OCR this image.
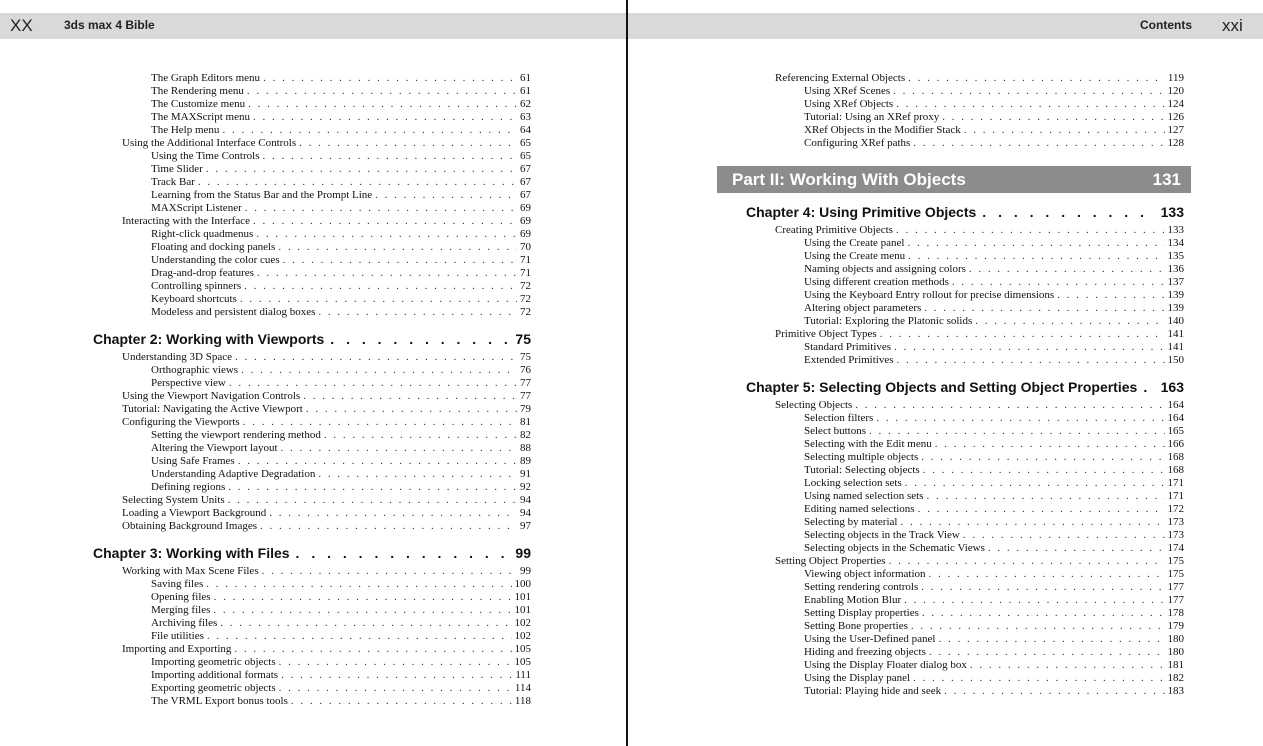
XX	3ds max 4 Bible
The Graph Editors menu . . .	61
The Rendering menu . . .	61
The Customize menu . . .	62
The MAXScript menu . . .	63
The Help menu . . .	64
Using the Additional Interface Controls . . .	65
Using the Time Controls . . .	65
Time Slider . . .	67
Track Bar . . .	67
Learning from the Status Bar and the Prompt Line . . .	67
MAXScript Listener . . .	69
Interacting with the Interface . . .	69
Right-click quadmenus . . .	69
Floating and docking panels . . .	70
Understanding the color cues . . .	71
Drag-and-drop features . . .	71
Controlling spinners . . .	72
Keyboard shortcuts . . .	72
Modeless and persistent dialog boxes . . .	72
Chapter 2: Working with Viewports . . .	75
Understanding 3D Space . . .	75
Orthographic views . . .	76
Perspective view . . .	77
Using the Viewport Navigation Controls . . .	77
Tutorial: Navigating the Active Viewport . . .	79
Configuring the Viewports . . .	81
Setting the viewport rendering method . . .	82
Altering the Viewport layout . . .	88
Using Safe Frames . . .	89
Understanding Adaptive Degradation . . .	91
Defining regions . . .	92
Selecting System Units . . .	94
Loading a Viewport Background . . .	94
Obtaining Background Images . . .	97
Chapter 3: Working with Files . . .	99
Working with Max Scene Files . . .	99
Saving files . . .	100
Opening files . . .	101
Merging files . . .	101
Archiving files . . .	102
File utilities . . .	102
Importing and Exporting . . .	105
Importing geometric objects . . .	105
Importing additional formats . . .	111
Exporting geometric objects . . .	114
The VRML Export bonus tools . . .	118
Contents xxi
Referencing External Objects . . .	119
Using XRef Scenes . . .	120
Using XRef Objects . . .	124
Tutorial: Using an XRef proxy . . .	126
XRef Objects in the Modifier Stack . . .	127
Configuring XRef paths . . .	128
Part II: Working With Objects	131
Chapter 4: Using Primitive Objects . . .	133
Creating Primitive Objects . . .	133
Using the Create panel . . .	134
Using the Create menu . . .	135
Naming objects and assigning colors . . .	136
Using different creation methods . . .	137
Using the Keyboard Entry rollout for precise dimensions . . .	139
Altering object parameters . . .	139
Tutorial: Exploring the Platonic solids . . .	140
Primitive Object Types . . .	141
Standard Primitives . . .	141
Extended Primitives . . .	150
Chapter 5: Selecting Objects and Setting Object Properties . . . 163
Selecting Objects . . .	164
Selection filters . . .	164
Select buttons . . .	165
Selecting with the Edit menu . . .	166
Selecting multiple objects . . .	168
Tutorial: Selecting objects . . .	168
Locking selection sets . . .	171
Using named selection sets . . .	171
Editing named selections . . .	172
Selecting by material . . .	173
Selecting objects in the Track View . . .	173
Selecting objects in the Schematic Views . . .	174
Setting Object Properties . . .	175
Viewing object information . . .	175
Setting rendering controls . . .	177
Enabling Motion Blur . . .	177
Setting Display properties . . .	178
Setting Bone properties . . .	179
Using the User-Defined panel . . .	180
Hiding and freezing objects . . .	180
Using the Display Floater dialog box . . .	181
Using the Display panel . . .	182
Tutorial: Playing hide and seek . . .	183
